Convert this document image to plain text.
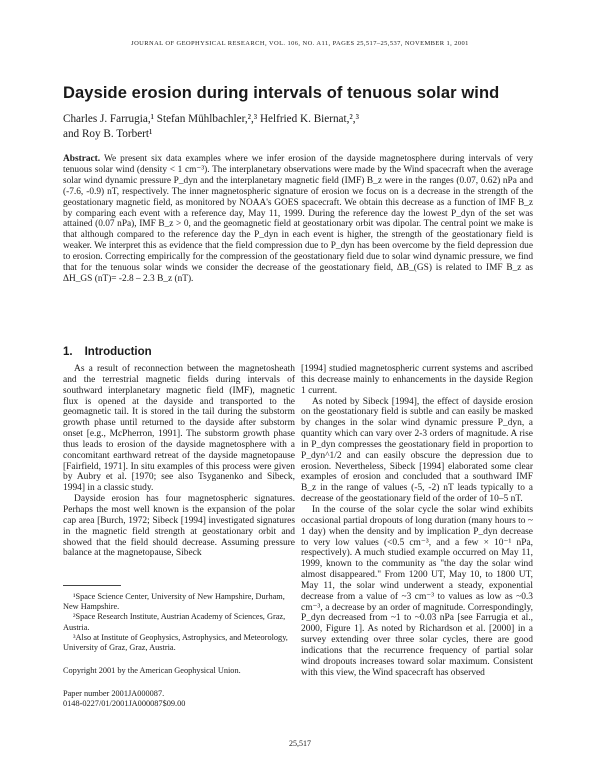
JOURNAL OF GEOPHYSICAL RESEARCH, VOL. 106, NO. A11, PAGES 25,517–25,537, NOVEMBER 1, 2001
Dayside erosion during intervals of tenuous solar wind
Charles J. Farrugia,¹ Stefan Mühlbachler,²,³ Helfried K. Biernat,²,³
and Roy B. Torbert¹
Abstract. We present six data examples where we infer erosion of the dayside magnetosphere during intervals of very tenuous solar wind (density < 1 cm⁻³). The interplanetary observations were made by the Wind spacecraft when the average solar wind dynamic pressure P_dyn and the interplanetary magnetic field (IMF) B_z were in the ranges (0.07, 0.62) nPa and (-7.6, -0.9) nT, respectively. The inner magnetospheric signature of erosion we focus on is a decrease in the strength of the geostationary magnetic field, as monitored by NOAA's GOES spacecraft. We obtain this decrease as a function of IMF B_z by comparing each event with a reference day, May 11, 1999. During the reference day the lowest P_dyn of the set was attained (0.07 nPa), IMF B_z > 0, and the geomagnetic field at geostationary orbit was dipolar. The central point we make is that although compared to the reference day the P_dyn in each event is higher, the strength of the geostationary field is weaker. We interpret this as evidence that the field compression due to P_dyn has been overcome by the field depression due to erosion. Correcting empirically for the compression of the geostationary field due to solar wind dynamic pressure, we find that for the tenuous solar winds we consider the decrease of the geostationary field, ΔB_(GS) is related to IMF B_z as ΔH_GS (nT)= -2.8 – 2.3 B_z (nT).
1. Introduction

As a result of reconnection between the magnetosheath and the terrestrial magnetic fields during intervals of southward interplanetary magnetic field (IMF), magnetic flux is opened at the dayside and transported to the geomagnetic tail. It is stored in the tail during the substorm growth phase until returned to the dayside after substorm onset [e.g., McPherron, 1991]. The substorm growth phase thus leads to erosion of the dayside magnetosphere with a concomitant earthward retreat of the dayside magnetopause [Fairfield, 1971]. In situ examples of this process were given by Aubry et al. [1970; see also Tsyganenko and Sibeck, 1994] in a classic study.

Dayside erosion has four magnetospheric signatures. Perhaps the most well known is the expansion of the polar cap area [Burch, 1972; Sibeck [1994] investigated signatures in the magnetic field strength at geostationary orbit and showed that the field should decrease. Assuming pressure balance at the magnetopause, Sibeck

¹Space Science Center, University of New Hampshire, Durham, New Hampshire.

²Space Research Institute, Austrian Academy of Sciences, Graz, Austria.

³Also at Institute of Geophysics, Astrophysics, and Meteorology, University of Graz, Graz, Austria.

Copyright 2001 by the American Geophysical Union.
Paper number 2001JA000087.
0148-0227/01/2001JA000087$09.00

[1994] studied magnetospheric current systems and ascribed this decrease mainly to enhancements in the dayside Region 1 current.

As noted by Sibeck [1994], the effect of dayside erosion on the geostationary field is subtle and can easily be masked by changes in the solar wind dynamic pressure P_dyn, a quantity which can vary over 2-3 orders of magnitude. A rise in P_dyn compresses the geostationary field in proportion to P_dyn^1/2 and can easily obscure the depression due to erosion. Nevertheless, Sibeck [1994] elaborated some clear examples of erosion and concluded that a southward IMF B_z in the range of values (-5, -2) nT leads typically to a decrease of the geostationary field of the order of 10–5 nT.

In the course of the solar cycle the solar wind exhibits occasional partial dropouts of long duration (many hours to ~ 1 day) when the density and by implication P_dyn decrease to very low values (<0.5 cm⁻³, and a few × 10⁻¹ nPa, respectively). A much studied example occurred on May 11, 1999, known to the community as "the day the solar wind almost disappeared." From 1200 UT, May 10, to 1800 UT, May 11, the solar wind underwent a steady, exponential decrease from a value of ~3 cm⁻³ to values as low as ~0.3 cm⁻³, a decrease by an order of magnitude. Correspondingly, P_dyn decreased from ~1 to ~0.03 nPa [see Farrugia et al., 2000, Figure 1]. As noted by Richardson et al. [2000] in a survey extending over three solar cycles, there are good indications that the recurrence frequency of partial solar wind dropouts increases toward solar maximum. Consistent with this view, the Wind spacecraft has observed

25,517
